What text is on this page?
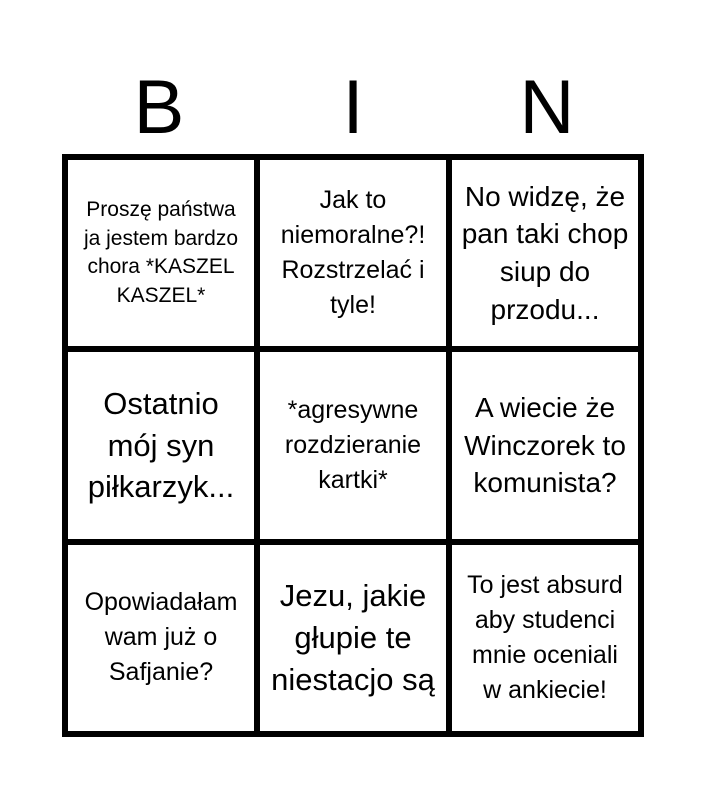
B	I	N
Proszę państwa ja jestem bardzo chora *KASZEL KASZEL*
Jak to niemoralne?! Rozstrzelać i tyle!
No widzę, że pan taki chop siup do przodu...
Ostatnio mój syn piłkarzyk...
*agresywne rozdzieranie kartki*
A wiecie że Winczorek to komunista?
Opowiadałam wam już o Safjanie?
Jezu, jakie głupie te niestacjo są
To jest absurd aby studenci mnie oceniali w ankiecie!
